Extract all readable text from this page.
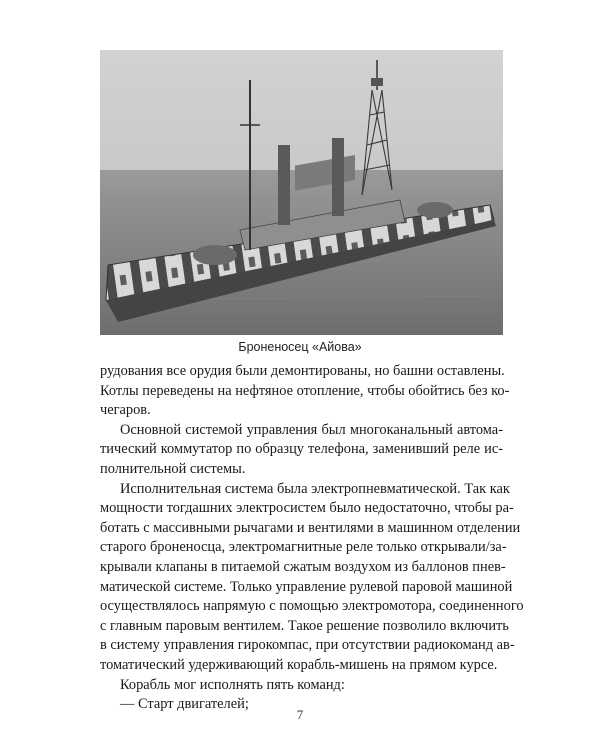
Броненосец «Айова»

рудования все орудия были демонтированы, но башни оставлены.
Котлы переведены на нефтяное отопление, чтобы обойтись без ко-
чегаров.

Основной системой управления был многоканальный автома-
тический коммутатор по образцу телефона, заменивший реле ис-
полнительной системы.

Исполнительная система была электропневматической. Так как
мощности тогдашних электросистем было недостаточно, чтобы ра-
ботать с массивными рычагами и вентилями в машинном отделении
старого броненосца, электромагнитные реле только открывали/за-
крывали клапаны в питаемой сжатым воздухом из баллонов пнев-
матической системе. Только управление рулевой паровой машиной
осуществлялось напрямую с помощью электромотора, соединенного
с главным паровым вентилем. Такое решение позволило включить
в систему управления гирокомпас, при отсутствии радиокоманд ав-
томатический удерживающий корабль-мишень на прямом курсе.

Корабль мог исполнять пять команд:

— Старт двигателей;

7
